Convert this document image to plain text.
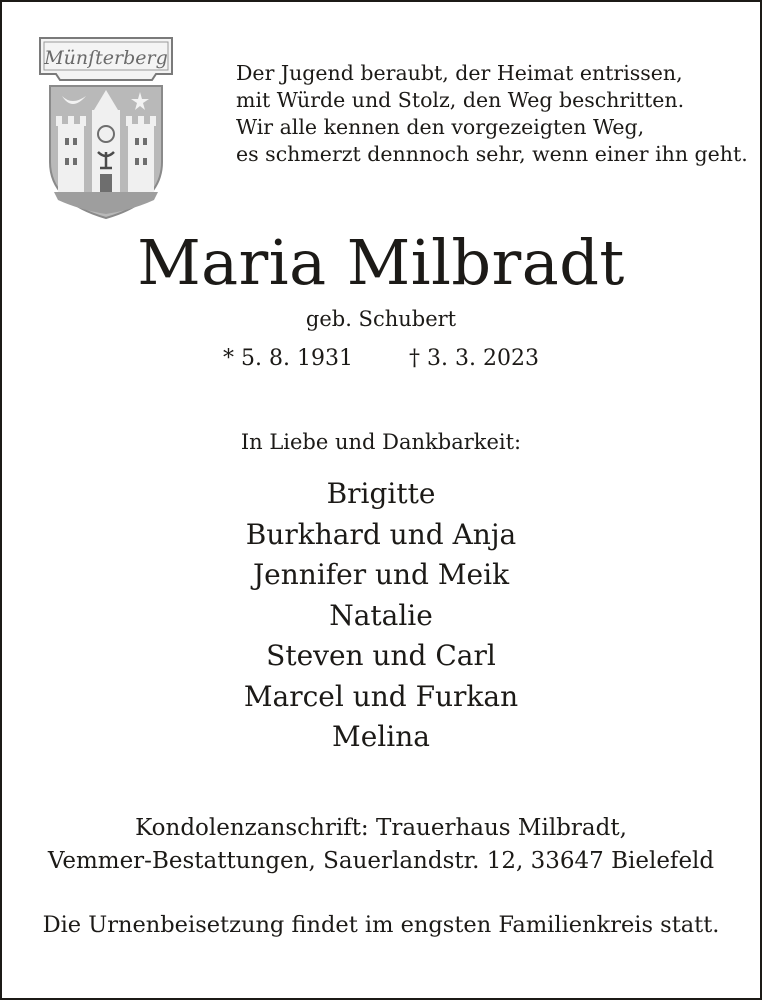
Münſterberg
Der Jugend beraubt, der Heimat entrissen,
mit Würde und Stolz, den Weg beschritten.
Wir alle kennen den vorgezeigten Weg,
es schmerzt dennnoch sehr, wenn einer ihn geht.
Maria Milbradt
geb. Schubert
* 5. 8. 1931	† 3. 3. 2023
In Liebe und Dankbarkeit:
Brigitte
Burkhard und Anja
Jennifer und Meik
Natalie
Steven und Carl
Marcel und Furkan
Melina
Kondolenzanschrift: Trauerhaus Milbradt,
Vemmer-Bestattungen, Sauerlandstr. 12, 33647 Bielefeld
Die Urnenbeisetzung findet im engsten Familienkreis statt.
